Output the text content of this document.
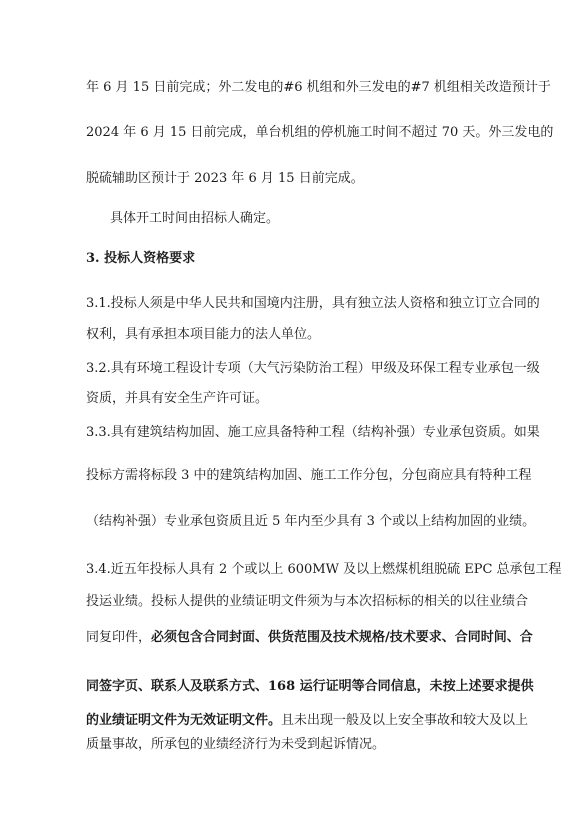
年 6 月 15 日前完成；外二发电的#6 机组和外三发电的#7 机组相关改造预计于
2024 年 6 月 15 日前完成，单台机组的停机施工时间不超过 70 天。外三发电的
脱硫辅助区预计于 2023 年 6 月 15 日前完成。
具体开工时间由招标人确定。
3. 投标人资格要求
3.1.投标人须是中华人民共和国境内注册，具有独立法人资格和独立订立合同的
权利，具有承担本项目能力的法人单位。
3.2.具有环境工程设计专项（大气污染防治工程）甲级及环保工程专业承包一级
资质，并具有安全生产许可证。
3.3.具有建筑结构加固、施工应具备特种工程（结构补强）专业承包资质。如果
投标方需将标段 3 中的建筑结构加固、施工工作分包，分包商应具有特种工程
（结构补强）专业承包资质且近 5 年内至少具有 3 个或以上结构加固的业绩。
3.4.近五年投标人具有 2 个或以上 600MW 及以上燃煤机组脱硫 EPC 总承包工程
投运业绩。投标人提供的业绩证明文件须为与本次招标标的相关的以往业绩合
同复印件，必须包含合同封面、供货范围及技术规格/技术要求、合同时间、合
同签字页、联系人及联系方式、168 运行证明等合同信息，未按上述要求提供
的业绩证明文件为无效证明文件。且未出现一般及以上安全事故和较大及以上
质量事故，所承包的业绩经济行为未受到起诉情况。
